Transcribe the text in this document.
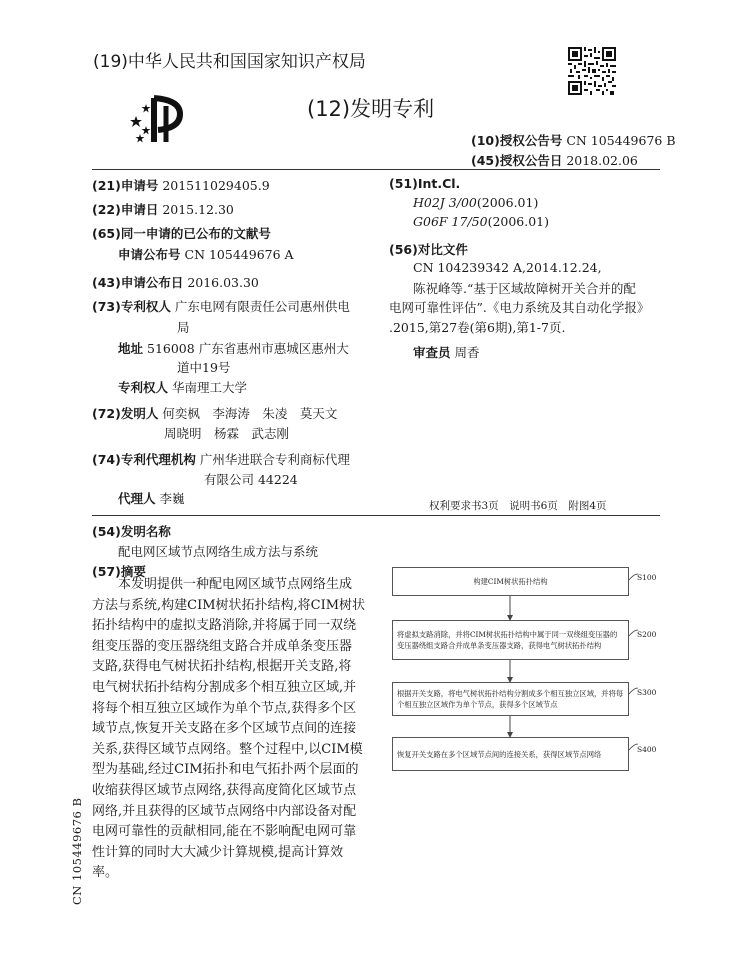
(19)中华人民共和国国家知识产权局
(12)发明专利
(10)授权公告号 CN 105449676 B
(45)授权公告日 2018.02.06
(21)申请号 201511029405.9
(22)申请日 2015.12.30
(65)同一申请的已公布的文献号
申请公布号 CN 105449676 A
(43)申请公布日 2016.03.30
(73)专利权人 广东电网有限责任公司惠州供电
局
地址 516008 广东省惠州市惠城区惠州大
道中19号
专利权人 华南理工大学
(72)发明人 何奕枫　李海涛　朱凌　莫天文
周晓明　杨霖　武志刚
(74)专利代理机构 广州华进联合专利商标代理
有限公司 44224
代理人 李巍
(51)Int.Cl.
H02J 3/00(2006.01)
G06F 17/50(2006.01)
(56)对比文件
CN 104239342 A,2014.12.24,
陈祝峰等.“基于区域故障树开关合并的配
电网可靠性评估”.《电力系统及其自动化学报》
.2015,第27卷(第6期),第1-7页.
审查员 周香
权利要求书3页　说明书6页　附图4页
(54)发明名称
配电网区域节点网络生成方法与系统
(57)摘要

　　本发明提供一种配电网区域节点网络生成

方法与系统,构建CIM树状拓扑结构,将CIM树状

拓扑结构中的虚拟支路消除,并将属于同一双绕

组变压器的变压器绕组支路合并成单条变压器

支路,获得电气树状拓扑结构,根据开关支路,将

电气树状拓扑结构分割成多个相互独立区域,并

将每个相互独立区域作为单个节点,获得多个区

域节点,恢复开关支路在多个区域节点间的连接

关系,获得区域节点网络。整个过程中,以CIM模

型为基础,经过CIM拓扑和电气拓扑两个层面的

收缩获得区域节点网络,获得高度简化区域节点

网络,并且获得的区域节点网络中内部设备对配

电网可靠性的贡献相同,能在不影响配电网可靠

性计算的同时大大减少计算规模,提高计算效

率。

构建CIM树状拓扑结构	S100
将虚拟支路消除，并将CIM树状拓扑结构中属于同一双绕组变压器的变压器绕组支路合并成单条变压器支路，获得电气树状拓扑结构
S200
根据开关支路，将电气树状拓扑结构分割成多个相互独立区域，并将每个相互独立区域作为单个节点，获得多个区域节点
S300
恢复开关支路在多个区域节点间的连接关系，获得区域节点网络	S400
CN 105449676 B
